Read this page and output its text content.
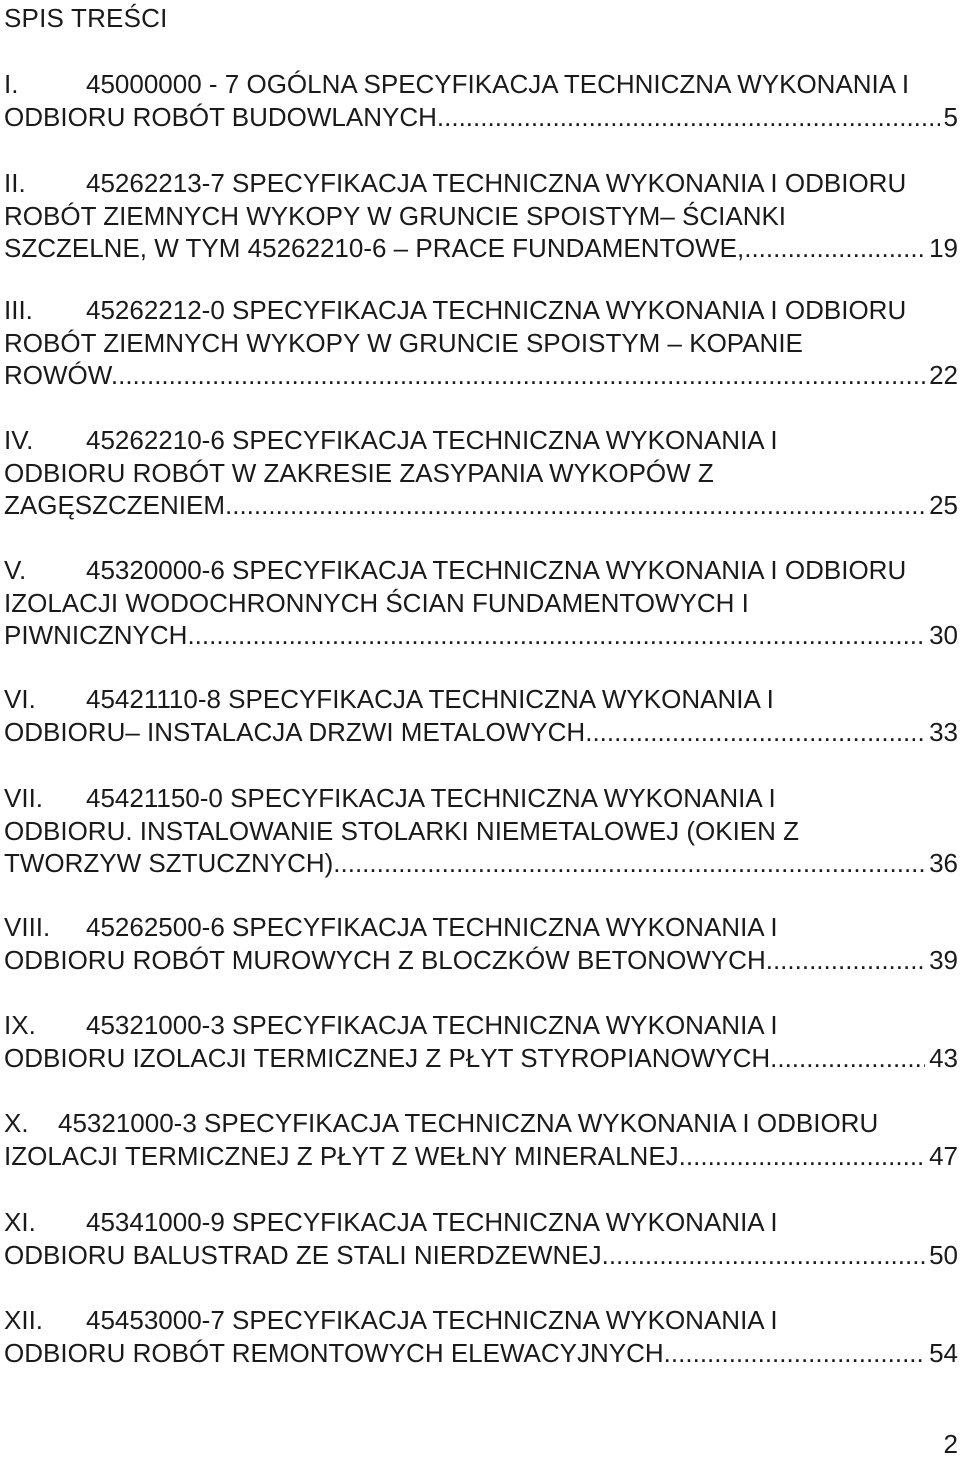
SPIS TREŚCI
I.	45000000 - 7 OGÓLNA SPECYFIKACJA TECHNICZNA WYKONANIA I
ODBIORU ROBÓT BUDOWLANYCH .....	5
II. 45262213-7 SPECYFIKACJA TECHNICZNA WYKONANIA I ODBIORU
ROBÓT ZIEMNYCH WYKOPY W GRUNCIE SPOISTYM– ŚCIANKI
SZCZELNE, W TYM 45262210-6 – PRACE FUNDAMENTOWE, .....	19
III. 45262212-0 SPECYFIKACJA TECHNICZNA WYKONANIA I ODBIORU
ROBÓT ZIEMNYCH WYKOPY W GRUNCIE SPOISTYM – KOPANIE
ROWÓW. .....	22
IV. 45262210-6 SPECYFIKACJA TECHNICZNA WYKONANIA I
ODBIORU ROBÓT W ZAKRESIE ZASYPANIA WYKOPÓW Z
ZAGĘSZCZENIEM .....	25
V. 45320000-6 SPECYFIKACJA TECHNICZNA WYKONANIA I ODBIORU
IZOLACJI WODOCHRONNYCH ŚCIAN FUNDAMENTOWYCH I
PIWNICZNYCH .....	30
VI. 45421110-8 SPECYFIKACJA TECHNICZNA WYKONANIA I
ODBIORU– INSTALACJA DRZWI METALOWYCH .....	33
VII. 45421150-0 SPECYFIKACJA TECHNICZNA WYKONANIA I
ODBIORU. INSTALOWANIE STOLARKI NIEMETALOWEJ (OKIEN Z
TWORZYW SZTUCZNYCH). .....	36
VIII. 45262500-6 SPECYFIKACJA TECHNICZNA WYKONANIA I
ODBIORU ROBÓT MUROWYCH Z BLOCZKÓW BETONOWYCH .....	39
IX. 45321000-3 SPECYFIKACJA TECHNICZNA WYKONANIA I
ODBIORU IZOLACJI TERMICZNEJ Z PŁYT STYROPIANOWYCH. .....	43
X. 45321000-3 SPECYFIKACJA TECHNICZNA WYKONANIA I ODBIORU
IZOLACJI TERMICZNEJ Z PŁYT Z WEŁNY MINERALNEJ .....	47
XI. 45341000-9 SPECYFIKACJA TECHNICZNA WYKONANIA I
ODBIORU BALUSTRAD ZE STALI NIERDZEWNEJ .....	50
XII. 45453000-7 SPECYFIKACJA TECHNICZNA WYKONANIA I
ODBIORU ROBÓT REMONTOWYCH ELEWACYJNYCH. .....	54
2
